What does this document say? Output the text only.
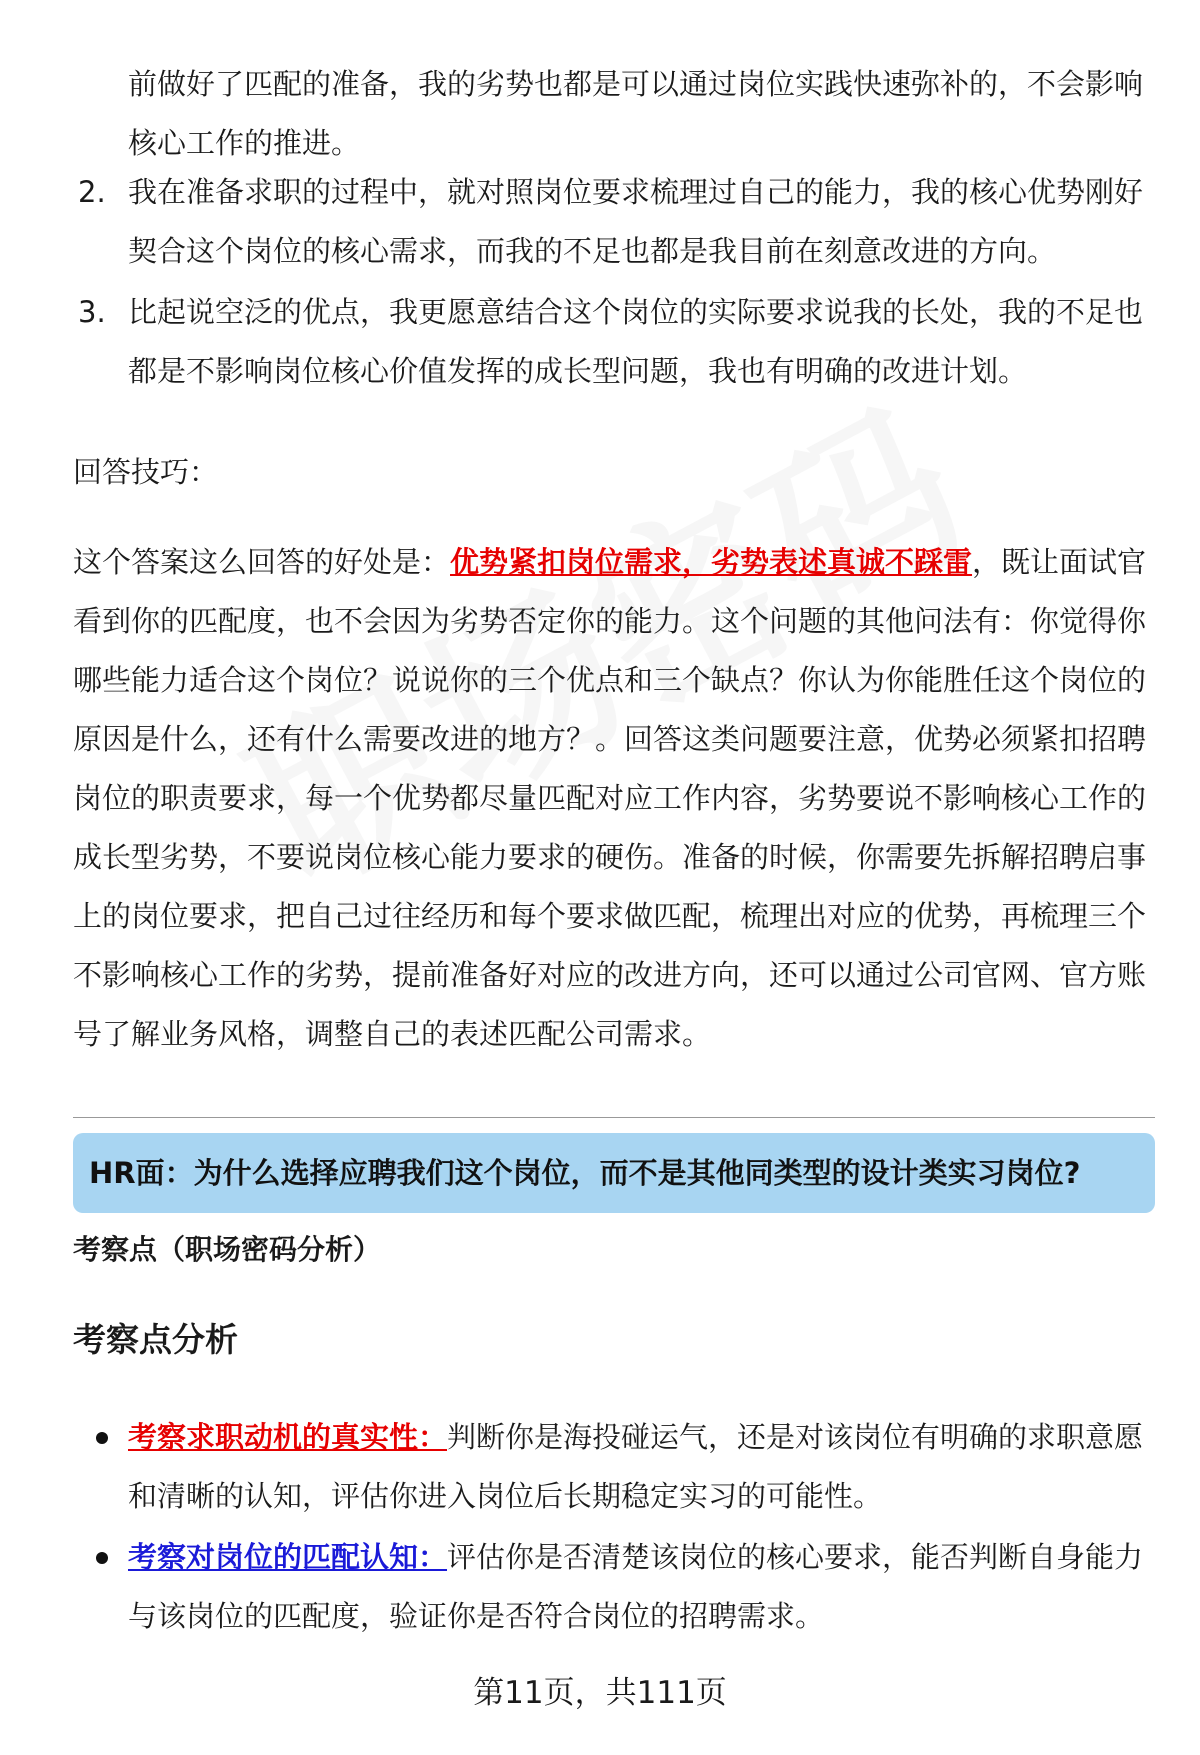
前做好了匹配的准备，我的劣势也都是可以通过岗位实践快速弥补的，不会影响核心工作的推进。
2. 我在准备求职的过程中，就对照岗位要求梳理过自己的能力，我的核心优势刚好契合这个岗位的核心需求，而我的不足也都是我目前在刻意改进的方向。
3. 比起说空泛的优点，我更愿意结合这个岗位的实际要求说我的长处，我的不足也都是不影响岗位核心价值发挥的成长型问题，我也有明确的改进计划。
回答技巧：
这个答案这么回答的好处是：优势紧扣岗位需求，劣势表述真诚不踩雷，既让面试官看到你的匹配度，也不会因为劣势否定你的能力。这个问题的其他问法有：你觉得你哪些能力适合这个岗位？说说你的三个优点和三个缺点？你认为你能胜任这个岗位的原因是什么，还有什么需要改进的地方？。回答这类问题要注意，优势必须紧扣招聘岗位的职责要求，每一个优势都尽量匹配对应工作内容，劣势要说不影响核心工作的成长型劣势，不要说岗位核心能力要求的硬伤。准备的时候，你需要先拆解招聘启事上的岗位要求，把自己过往经历和每个要求做匹配，梳理出对应的优势，再梳理三个不影响核心工作的劣势，提前准备好对应的改进方向，还可以通过公司官网、官方账号了解业务风格，调整自己的表述匹配公司需求。
HR面：为什么选择应聘我们这个岗位，而不是其他同类型的设计类实习岗位?
考察点（职场密码分析）
考察点分析
考察求职动机的真实性：判断你是海投碰运气，还是对该岗位有明确的求职意愿和清晰的认知，评估你进入岗位后长期稳定实习的可能性。
考察对岗位的匹配认知：评估你是否清楚该岗位的核心要求，能否判断自身能力与该岗位的匹配度，验证你是否符合岗位的招聘需求。
第11页，共111页
